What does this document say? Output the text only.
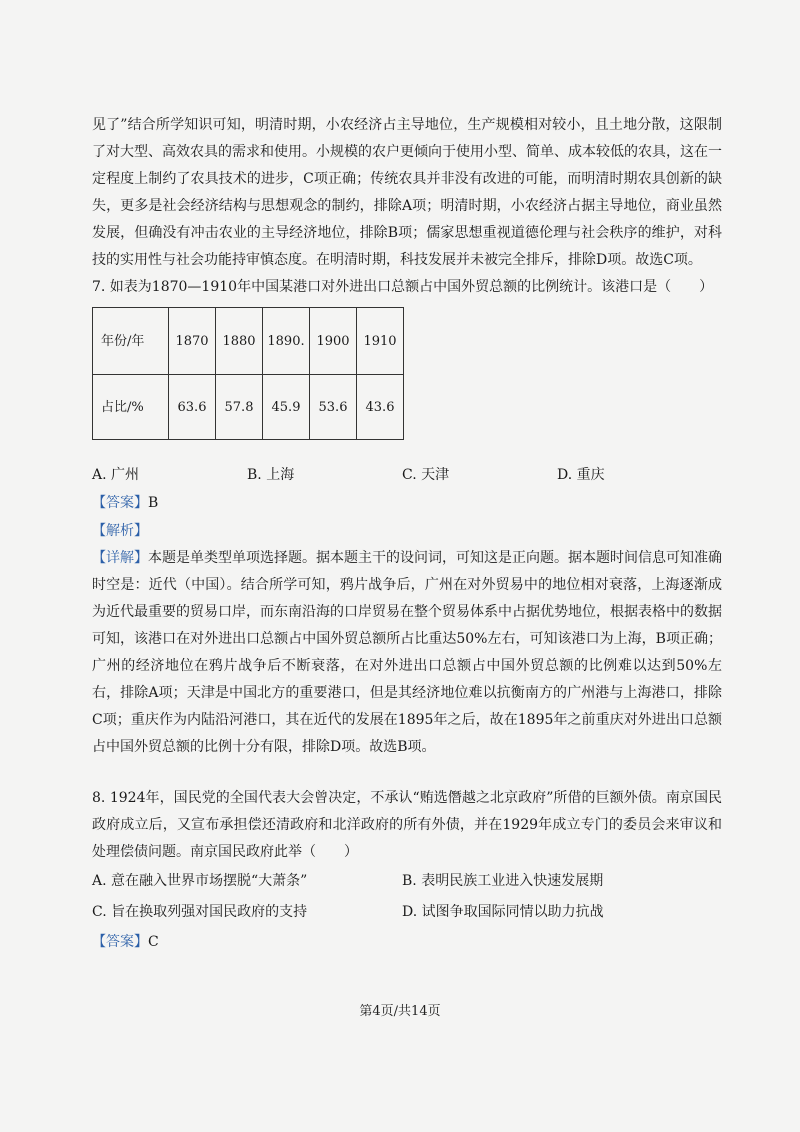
见了”结合所学知识可知，明清时期，小农经济占主导地位，生产规模相对较小，且土地分散，这限制了对大型、高效农具的需求和使用。小规模的农户更倾向于使用小型、简单、成本较低的农具，这在一定程度上制约了农具技术的进步，C项正确；传统农具并非没有改进的可能，而明清时期农具创新的缺失，更多是社会经济结构与思想观念的制约，排除A项；明清时期，小农经济占据主导地位，商业虽然发展，但确没有冲击农业的主导经济地位，排除B项；儒家思想重视道德伦理与社会秩序的维护，对科技的实用性与社会功能持审慎态度。在明清时期，科技发展并未被完全排斥，排除D项。故选C项。

7. 如表为1870—1910年中国某港口对外进出口总额占中国外贸总额的比例统计。该港口是（　　）

年份/年	1870	1880	1890.	1900	1910
占比/%	63.6	57.8	45.9	53.6	43.6
A. 广州	B. 上海	C. 天津	D. 重庆

【答案】B

【解析】

【详解】本题是单类型单项选择题。据本题主干的设问词，可知这是正向题。据本题时间信息可知准确时空是：近代（中国）。结合所学可知，鸦片战争后，广州在对外贸易中的地位相对衰落，上海逐渐成为近代最重要的贸易口岸，而东南沿海的口岸贸易在整个贸易体系中占据优势地位，根据表格中的数据可知，该港口在对外进出口总额占中国外贸总额所占比重达50%左右，可知该港口为上海，B项正确；广州的经济地位在鸦片战争后不断衰落，在对外进出口总额占中国外贸总额的比例难以达到50%左右，排除A项；天津是中国北方的重要港口，但是其经济地位难以抗衡南方的广州港与上海港口，排除C项；重庆作为内陆沿河港口，其在近代的发展在1895年之后，故在1895年之前重庆对外进出口总额占中国外贸总额的比例十分有限，排除D项。故选B项。

8. 1924年，国民党的全国代表大会曾决定，不承认“贿选僭越之北京政府”所借的巨额外债。南京国民政府成立后，又宣布承担偿还清政府和北洋政府的所有外债，并在1929年成立专门的委员会来审议和处理偿债问题。南京国民政府此举（　　）

A. 意在融入世界市场摆脱“大萧条”	B. 表明民族工业进入快速发展期
C. 旨在换取列强对国民政府的支持	D. 试图争取国际同情以助力抗战

【答案】C

第4页/共14页
